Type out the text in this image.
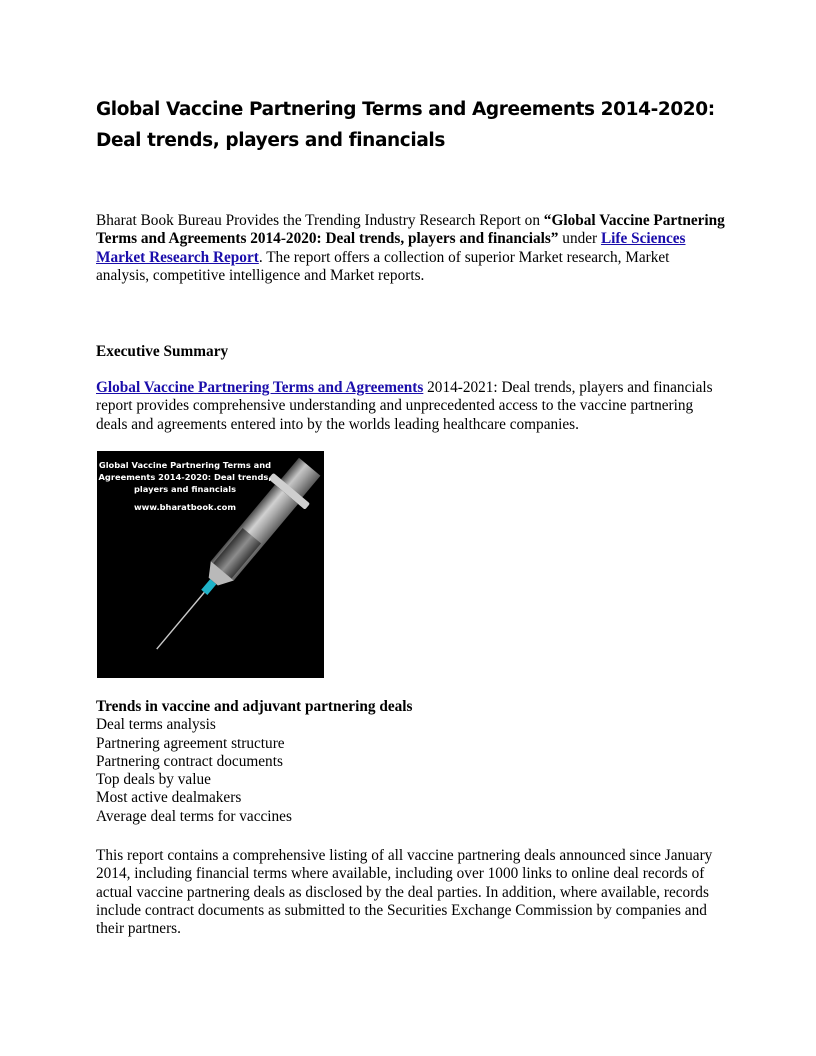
Global Vaccine Partnering Terms and Agreements 2014-2020: Deal trends, players and financials

Bharat Book Bureau Provides the Trending Industry Research Report on “Global Vaccine Partnering Terms and Agreements 2014-2020: Deal trends, players and financials” under Life Sciences Market Research Report. The report offers a collection of superior Market research, Market analysis, competitive intelligence and Market reports.

Executive Summary

Global Vaccine Partnering Terms and Agreements 2014-2021: Deal trends, players and financials report provides comprehensive understanding and unprecedented access to the vaccine partnering deals and agreements entered into by the worlds leading healthcare companies.

Global Vaccine Partnering Terms and Agreements 2014-2020: Deal trends, players and financials
www.bharatbook.com
Trends in vaccine and adjuvant partnering deals
Deal terms analysis
Partnering agreement structure
Partnering contract documents
Top deals by value
Most active dealmakers
Average deal terms for vaccines

This report contains a comprehensive listing of all vaccine partnering deals announced since January 2014, including financial terms where available, including over 1000 links to online deal records of actual vaccine partnering deals as disclosed by the deal parties. In addition, where available, records include contract documents as submitted to the Securities Exchange Commission by companies and their partners.
